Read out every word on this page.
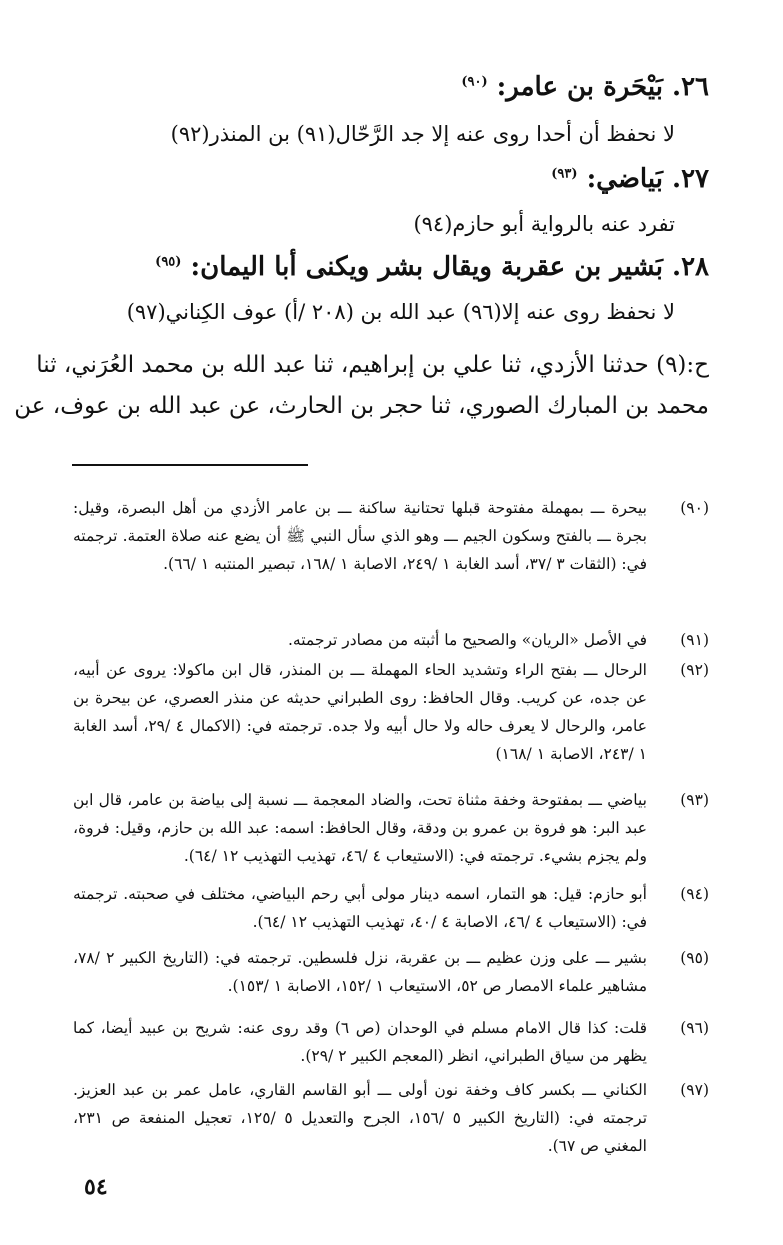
٢٦. بَيْحَرة بن عامر: $^{(٩٠)}$
لا نحفظ أن أحدا روى عنه إلا جد الرَّحّال(٩١) بن المنذر(٩٢)
٢٧. بَياضي: $^{(٩٣)}$
تفرد عنه بالرواية أبو حازم(٩٤)
٢٨. بَشير بن عقربة ويقال بشر ويكنى أبا اليمان: $^{(٩٥)}$
لا نحفظ روى عنه إلا(٩٦) عبد الله بن (٢٠٨ /أ) عوف الكِناني(٩٧)
ح:(٩) حدثنا الأزدي، ثنا علي بن إبراهيم، ثنا عبد الله بن محمد العُرَني، ثنا
محمد بن المبارك الصوري، ثنا حجر بن الحارث، عن عبد الله بن عوف، عن
(٩٠)
بيحرة ـــ بمهملة مفتوحة قبلها تحتانية ساكنة ـــ بن عامر الأزدي من أهل البصرة، وقيل: بجرة ـــ بالفتح وسكون الجيم ـــ وهو الذي سأل النبي ﷺ أن يضع عنه صلاة العتمة. ترجمته في: (الثقات ٣ /٣٧، أسد الغابة ١ /٢٤٩، الاصابة ١ /١٦٨، تبصير المنتبه ١ /٦٦).
(٩١)
في الأصل «الريان» والصحيح ما أثبته من مصادر ترجمته.
(٩٢)
الرحال ـــ بفتح الراء وتشديد الحاء المهملة ـــ بن المنذر، قال ابن ماكولا: يروى عن أبيه، عن جده، عن كريب. وقال الحافظ: روى الطبراني حديثه عن منذر العصري، عن بيحرة بن عامر، والرحال لا يعرف حاله ولا حال أبيه ولا جده. ترجمته في: (الاكمال ٤ /٢٩، أسد الغابة ١ /٢٤٣، الاصابة ١ /١٦٨)
(٩٣)
بياضي ـــ بمفتوحة وخفة مثناة تحت، والضاد المعجمة ـــ نسبة إلى بياضة بن عامر، قال ابن عبد البر: هو فروة بن عمرو بن ودقة، وقال الحافظ: اسمه: عبد الله بن حازم، وقيل: فروة، ولم يجزم بشيء. ترجمته في: (الاستيعاب ٤ /٤٦، تهذيب التهذيب ١٢ /٦٤).
(٩٤)
أبو حازم: قيل: هو التمار، اسمه دينار مولى أبي رحم البياضي، مختلف في صحبته. ترجمته في: (الاستيعاب ٤ /٤٦، الاصابة ٤ /٤٠، تهذيب التهذيب ١٢ /٦٤).
(٩٥)
بشير ـــ على وزن عظيم ـــ بن عقربة، نزل فلسطين. ترجمته في: (التاريخ الكبير ٢ /٧٨، مشاهير علماء الامصار ص ٥٢، الاستيعاب ١ /١٥٢، الاصابة ١ /١٥٣).
(٩٦)
قلت: كذا قال الامام مسلم في الوحدان (ص ٦) وقد روى عنه: شريح بن عبيد أيضا، كما يظهر من سياق الطبراني، انظر (المعجم الكبير ٢ /٢٩).
(٩٧)
الكناني ـــ بكسر كاف وخفة نون أولى ـــ أبو القاسم القاري، عامل عمر بن عبد العزيز. ترجمته في: (التاريخ الكبير ٥ /١٥٦، الجرح والتعديل ٥ /١٢٥، تعجيل المنفعة ص ٢٣١، المغني ص ٦٧).
٥٤
